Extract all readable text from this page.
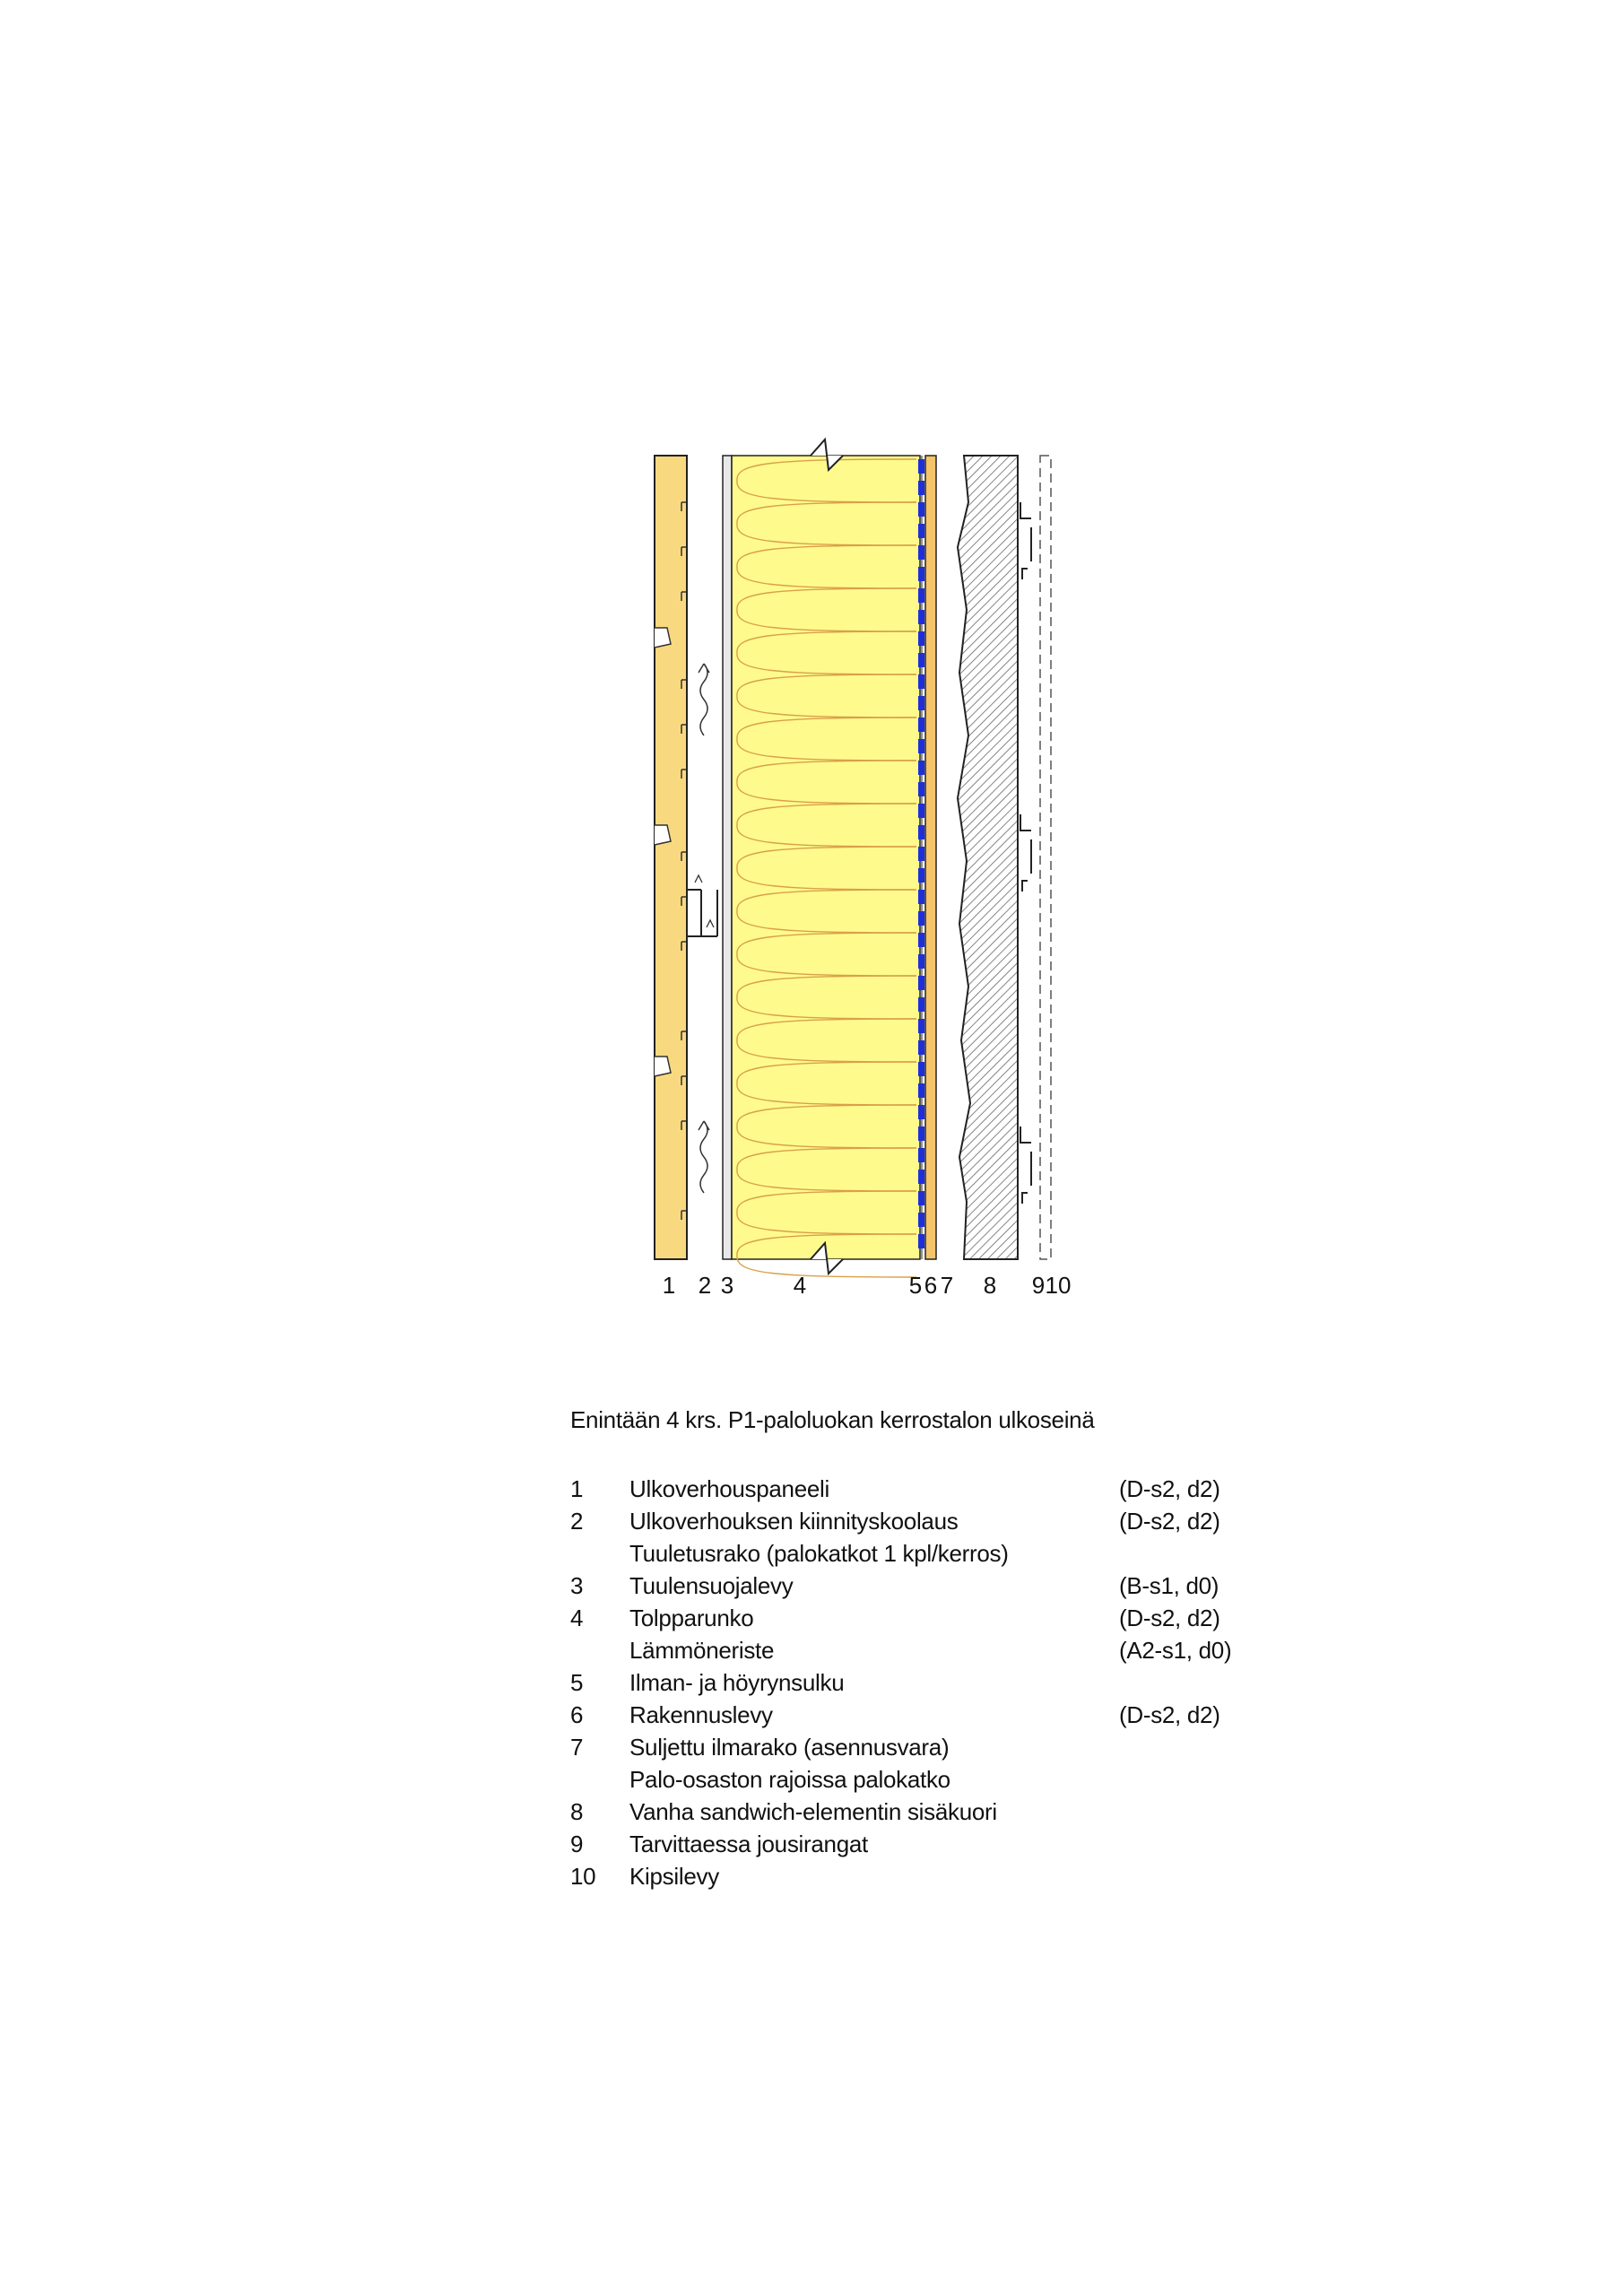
1 2 3	4	5 6 7 8 9 10
Enintään 4 krs. P1-paloluokan kerrostalon ulkoseinä
1 Ulkoverhouspaneeli	(D-s2, d2)
2 Ulkoverhouksen kiinnityskoolaus	(D-s2, d2)
Tuuletusrako (palokatkot 1 kpl/kerros)
3 Tuulensuojalevy	(B-s1, d0)
4 Tolpparunko	(D-s2, d2)
Lämmöneriste	(A2-s1, d0)
5 Ilman- ja höyrynsulku
6 Rakennuslevy	(D-s2, d2)
7 Suljettu ilmarako (asennusvara)
Palo-osaston rajoissa palokatko
8 Vanha sandwich-elementin sisäkuori
9 Tarvittaessa jousirangat
10 Kipsilevy
